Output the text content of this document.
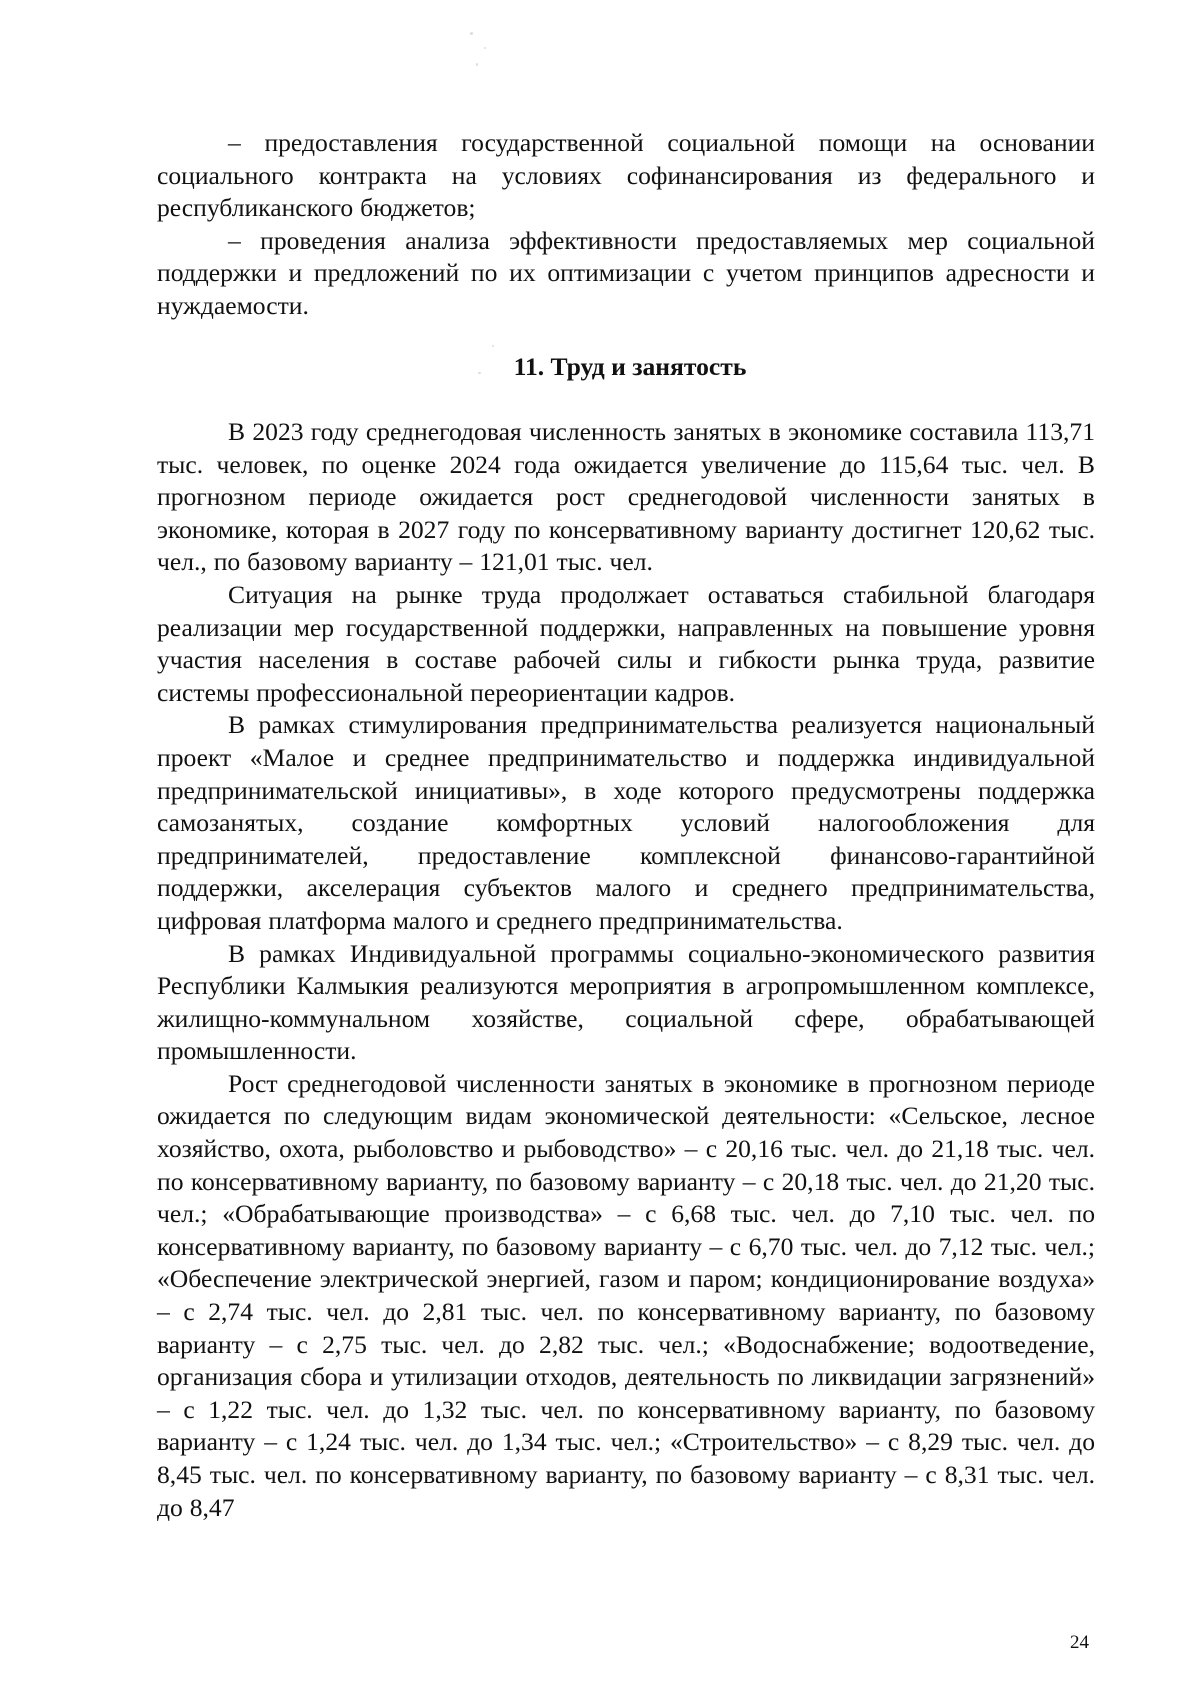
– предоставления государственной социальной помощи на основании социального контракта на условиях софинансирования из федерального и республиканского бюджетов;

– проведения анализа эффективности предоставляемых мер социальной поддержки и предложений по их оптимизации с учетом принципов адресности и нуждаемости.

11. Труд и занятость

В 2023 году среднегодовая численность занятых в экономике составила 113,71 тыс. человек, по оценке 2024 года ожидается увеличение до 115,64 тыс. чел. В прогнозном периоде ожидается рост среднегодовой численности занятых в экономике, которая в 2027 году по консервативному варианту достигнет 120,62 тыс. чел., по базовому варианту – 121,01 тыс. чел.

Ситуация на рынке труда продолжает оставаться стабильной благодаря реализации мер государственной поддержки, направленных на повышение уровня участия населения в составе рабочей силы и гибкости рынка труда, развитие системы профессиональной переориентации кадров.

В рамках стимулирования предпринимательства реализуется национальный проект «Малое и среднее предпринимательство и поддержка индивидуальной предпринимательской инициативы», в ходе которого предусмотрены поддержка самозанятых, создание комфортных условий налогообложения для предпринимателей, предоставление комплексной финансово-гарантийной поддержки, акселерация субъектов малого и среднего предпринимательства, цифровая платформа малого и среднего предпринимательства.

В рамках Индивидуальной программы социально-экономического развития Республики Калмыкия реализуются мероприятия в агропромышленном комплексе, жилищно-коммунальном хозяйстве, социальной сфере, обрабатывающей промышленности.

Рост среднегодовой численности занятых в экономике в прогнозном периоде ожидается по следующим видам экономической деятельности: «Сельское, лесное хозяйство, охота, рыболовство и рыбоводство» – с 20,16 тыс. чел. до 21,18 тыс. чел. по консервативному варианту, по базовому варианту – с 20,18 тыс. чел. до 21,20 тыс. чел.; «Обрабатывающие производства» – с 6,68 тыс. чел. до 7,10 тыс. чел. по консервативному варианту, по базовому варианту – с 6,70 тыс. чел. до 7,12 тыс. чел.; «Обеспечение электрической энергией, газом и паром; кондиционирование воздуха» – с 2,74 тыс. чел. до 2,81 тыс. чел. по консервативному варианту, по базовому варианту – с 2,75 тыс. чел. до 2,82 тыс. чел.; «Водоснабжение; водоотведение, организация сбора и утилизации отходов, деятельность по ликвидации загрязнений» – с 1,22 тыс. чел. до 1,32 тыс. чел. по консервативному варианту, по базовому варианту – с 1,24 тыс. чел. до 1,34 тыс. чел.; «Строительство» – с 8,29 тыс. чел. до 8,45 тыс. чел. по консервативному варианту, по базовому варианту – с 8,31 тыс. чел. до 8,47

24
